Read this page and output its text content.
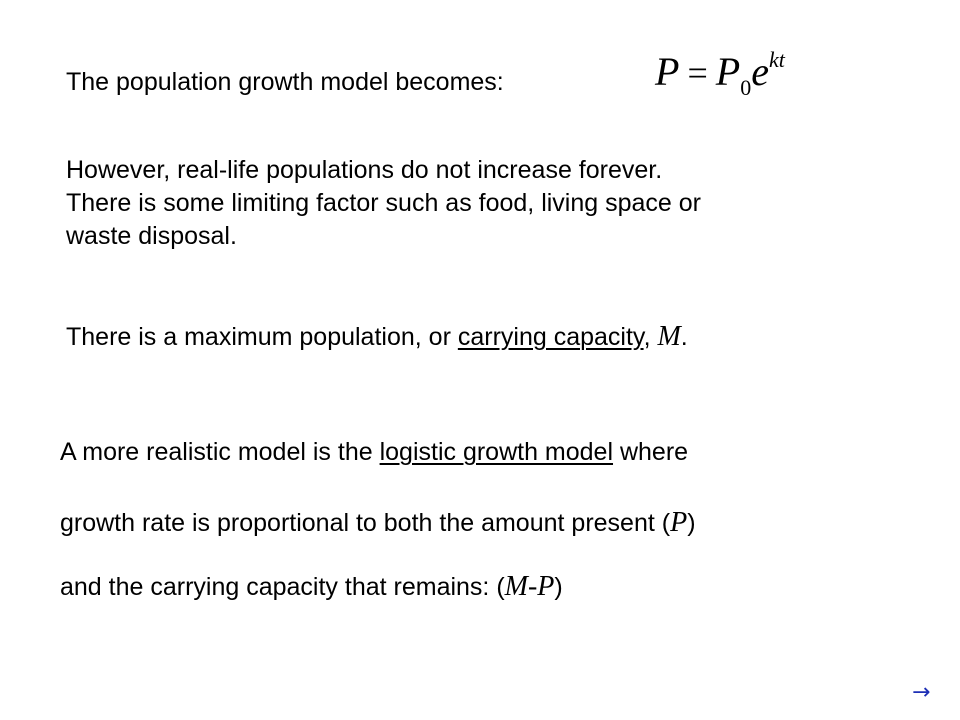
The population growth model becomes:	P = P0ekt
However, real-life populations do not increase forever.
There is some limiting factor such as food, living space or
waste disposal.
There is a maximum population, or carrying capacity, M.
A more realistic model is the logistic growth model where
growth rate is proportional to both the amount present (P)
and the carrying capacity that remains: (M-P)
→
